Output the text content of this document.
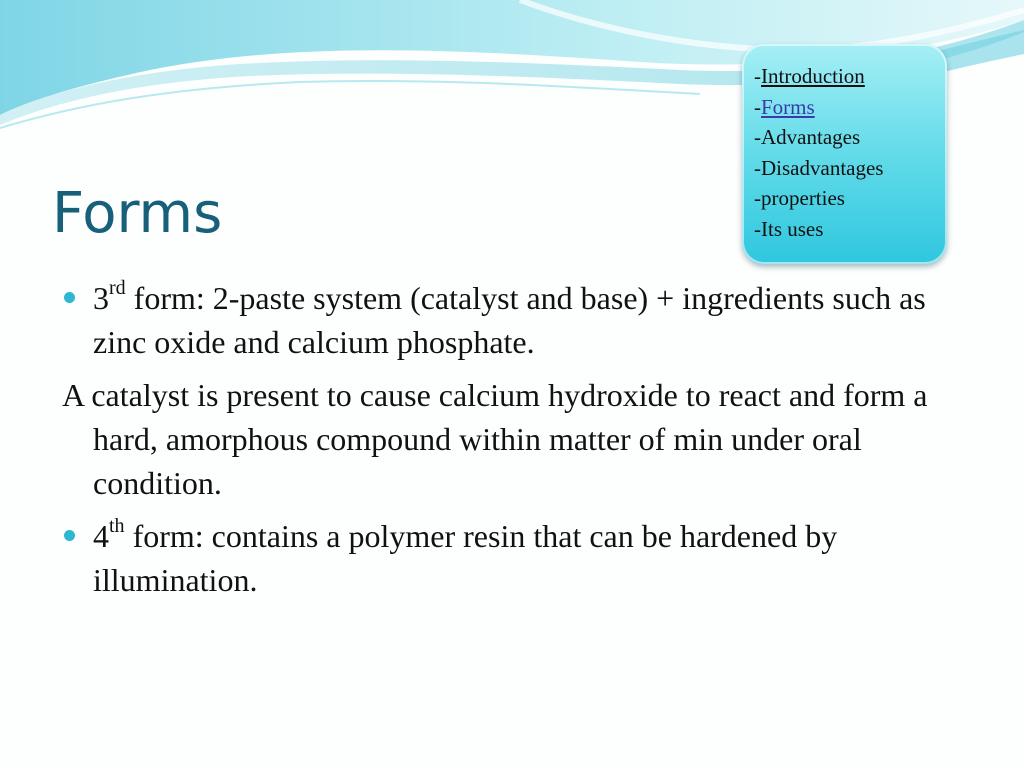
Forms
-Introduction
-Forms
-Advantages
-Disadvantages
-properties
-Its uses
3rd form: 2-paste system (catalyst and base) + ingredients such as zinc oxide and calcium phosphate.
A catalyst is present to cause calcium hydroxide to react and form a hard, amorphous compound within matter of min under oral condition.
4th form: contains a polymer resin that can be hardened by illumination.
